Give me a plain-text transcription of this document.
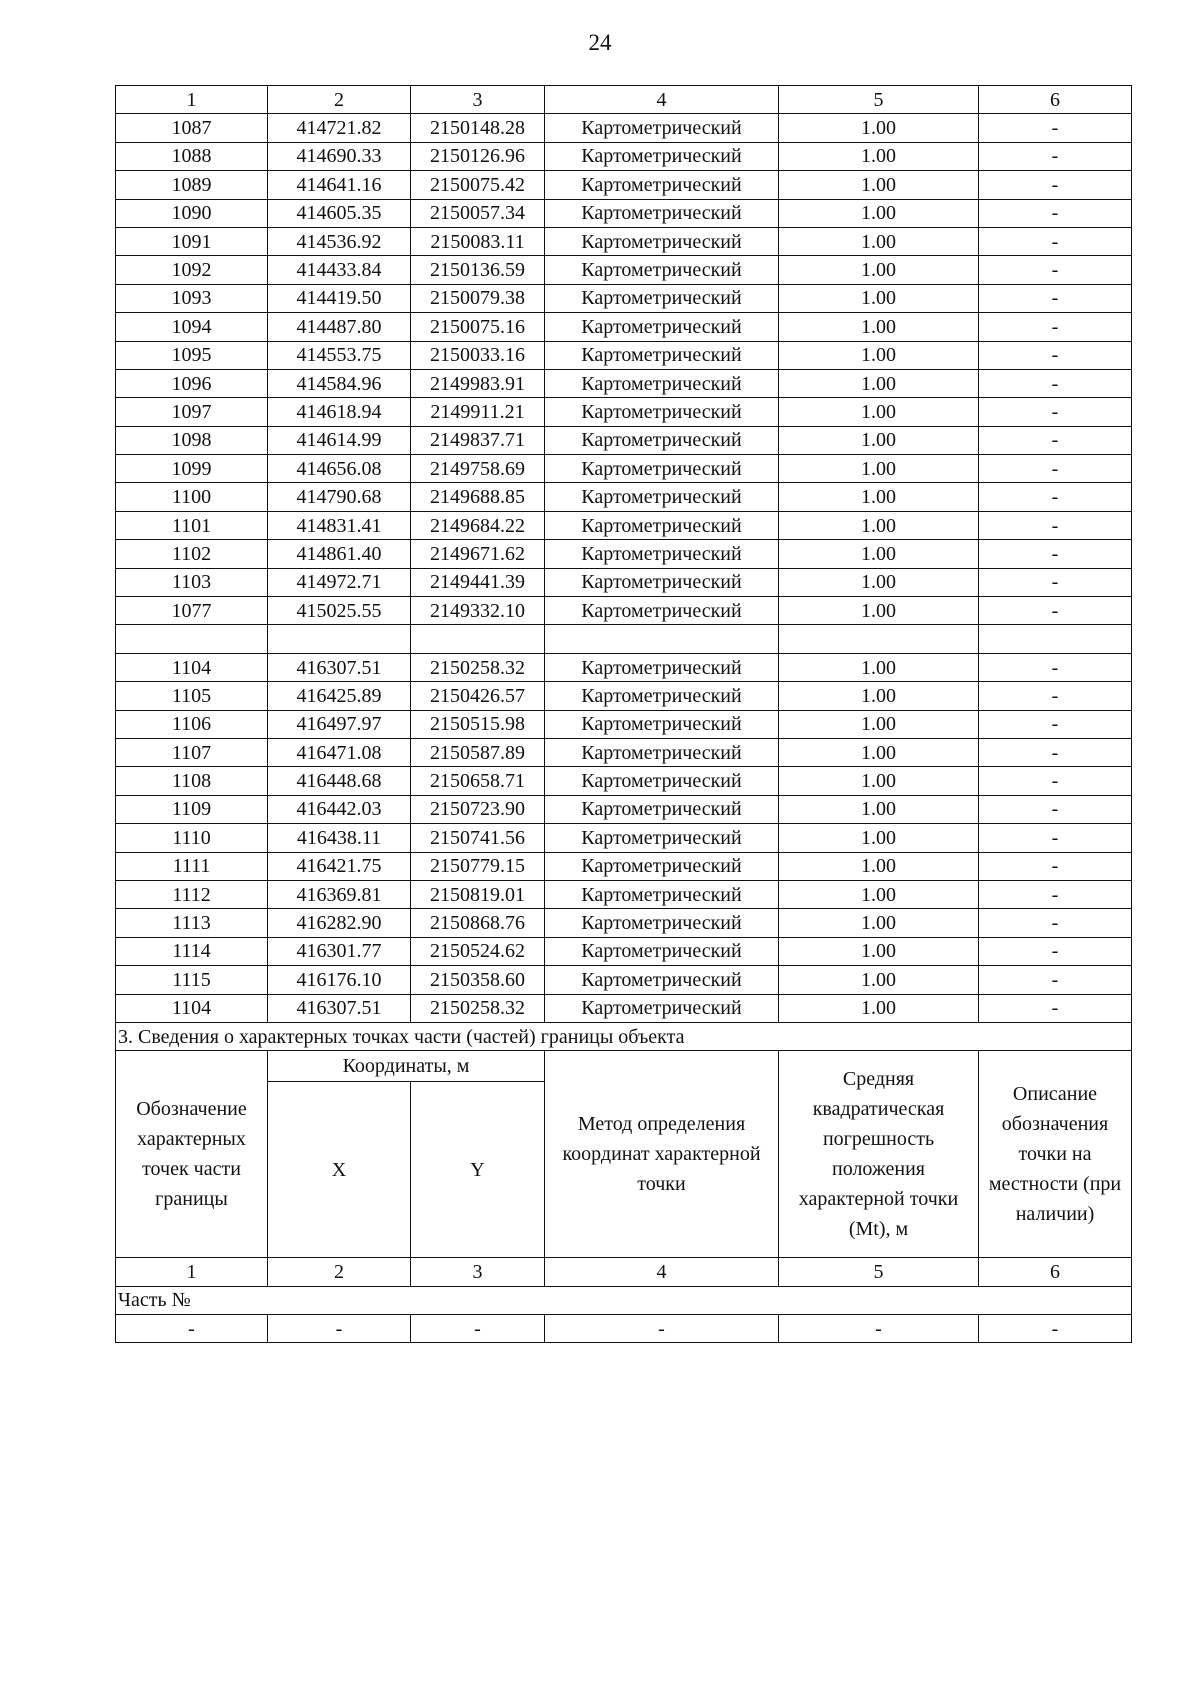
24
1	2	3	4	5	6
1087	414721.82	2150148.28	Картометрический	1.00	-
1088	414690.33	2150126.96	Картометрический	1.00	-
1089	414641.16	2150075.42	Картометрический	1.00	-
1090	414605.35	2150057.34	Картометрический	1.00	-
1091	414536.92	2150083.11	Картометрический	1.00	-
1092	414433.84	2150136.59	Картометрический	1.00	-
1093	414419.50	2150079.38	Картометрический	1.00	-
1094	414487.80	2150075.16	Картометрический	1.00	-
1095	414553.75	2150033.16	Картометрический	1.00	-
1096	414584.96	2149983.91	Картометрический	1.00	-
1097	414618.94	2149911.21	Картометрический	1.00	-
1098	414614.99	2149837.71	Картометрический	1.00	-
1099	414656.08	2149758.69	Картометрический	1.00	-
1100	414790.68	2149688.85	Картометрический	1.00	-
1101	414831.41	2149684.22	Картометрический	1.00	-
1102	414861.40	2149671.62	Картометрический	1.00	-
1103	414972.71	2149441.39	Картометрический	1.00	-
1077	415025.55	2149332.10	Картометрический	1.00	-

1104	416307.51	2150258.32	Картометрический	1.00	-
1105	416425.89	2150426.57	Картометрический	1.00	-
1106	416497.97	2150515.98	Картометрический	1.00	-
1107	416471.08	2150587.89	Картометрический	1.00	-
1108	416448.68	2150658.71	Картометрический	1.00	-
1109	416442.03	2150723.90	Картометрический	1.00	-
1110	416438.11	2150741.56	Картометрический	1.00	-
1111	416421.75	2150779.15	Картометрический	1.00	-
1112	416369.81	2150819.01	Картометрический	1.00	-
1113	416282.90	2150868.76	Картометрический	1.00	-
1114	416301.77	2150524.62	Картометрический	1.00	-
1115	416176.10	2150358.60	Картометрический	1.00	-
1104	416307.51	2150258.32	Картометрический	1.00	-
3. Сведения о характерных точках части (частей) границы объекта					
Обозначение характерных точек части границы	Координаты, м		Метод определения координат характерной точки	Средняя квадратическая погрешность положения характерной точки (Mt), м	Описание обозначения точки на местности (при наличии)
	X	Y			
1	2	3	4	5	6
Часть №					
-	-	-	-	-	-
